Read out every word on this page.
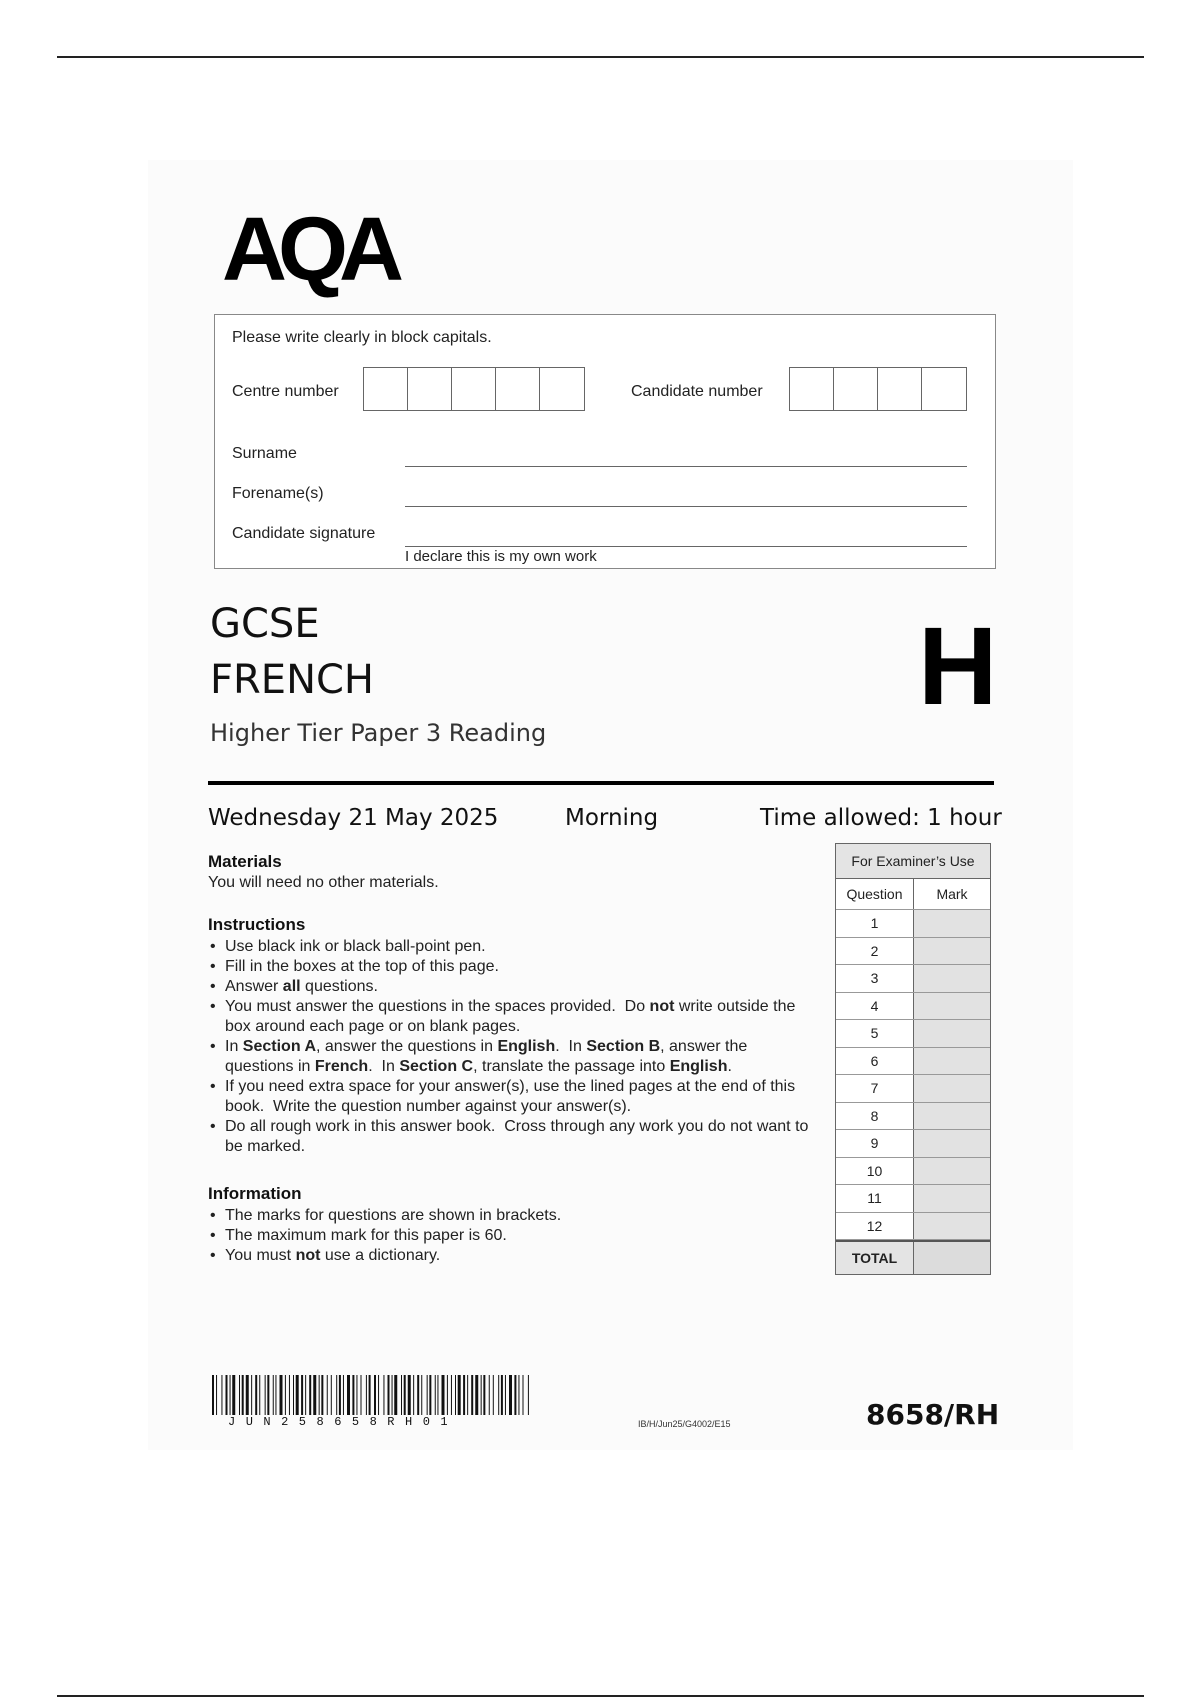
AQA
Please write clearly in block capitals.
Centre number	Candidate number
Surname
Forename(s)
Candidate signature
I declare this is my own work
GCSE
FRENCH
Higher Tier Paper 3 Reading
H
Wednesday 21 May 2025	Morning	Time allowed: 1 hour
Materials
You will need no other materials.
Instructions
• Use black ink or black ball-point pen.
• Fill in the boxes at the top of this page.
• Answer all questions.
• You must answer the questions in the spaces provided.  Do not write outside the box around each page or on blank pages.
• In Section A, answer the questions in English.  In Section B, answer the questions in French.  In Section C, translate the passage into English.
• If you need extra space for your answer(s), use the lined pages at the end of this book.  Write the question number against your answer(s).
• Do all rough work in this answer book.  Cross through any work you do not want to be marked.
Information
• The marks for questions are shown in brackets.
• The maximum mark for this paper is 60.
• You must not use a dictionary.
For Examiner’s Use
Question	Mark
1
2
3
4
5
6
7
8
9
10
11
12
TOTAL
JUN258658RH01	IB/H/Jun25/G4002/E15	8658/RH
